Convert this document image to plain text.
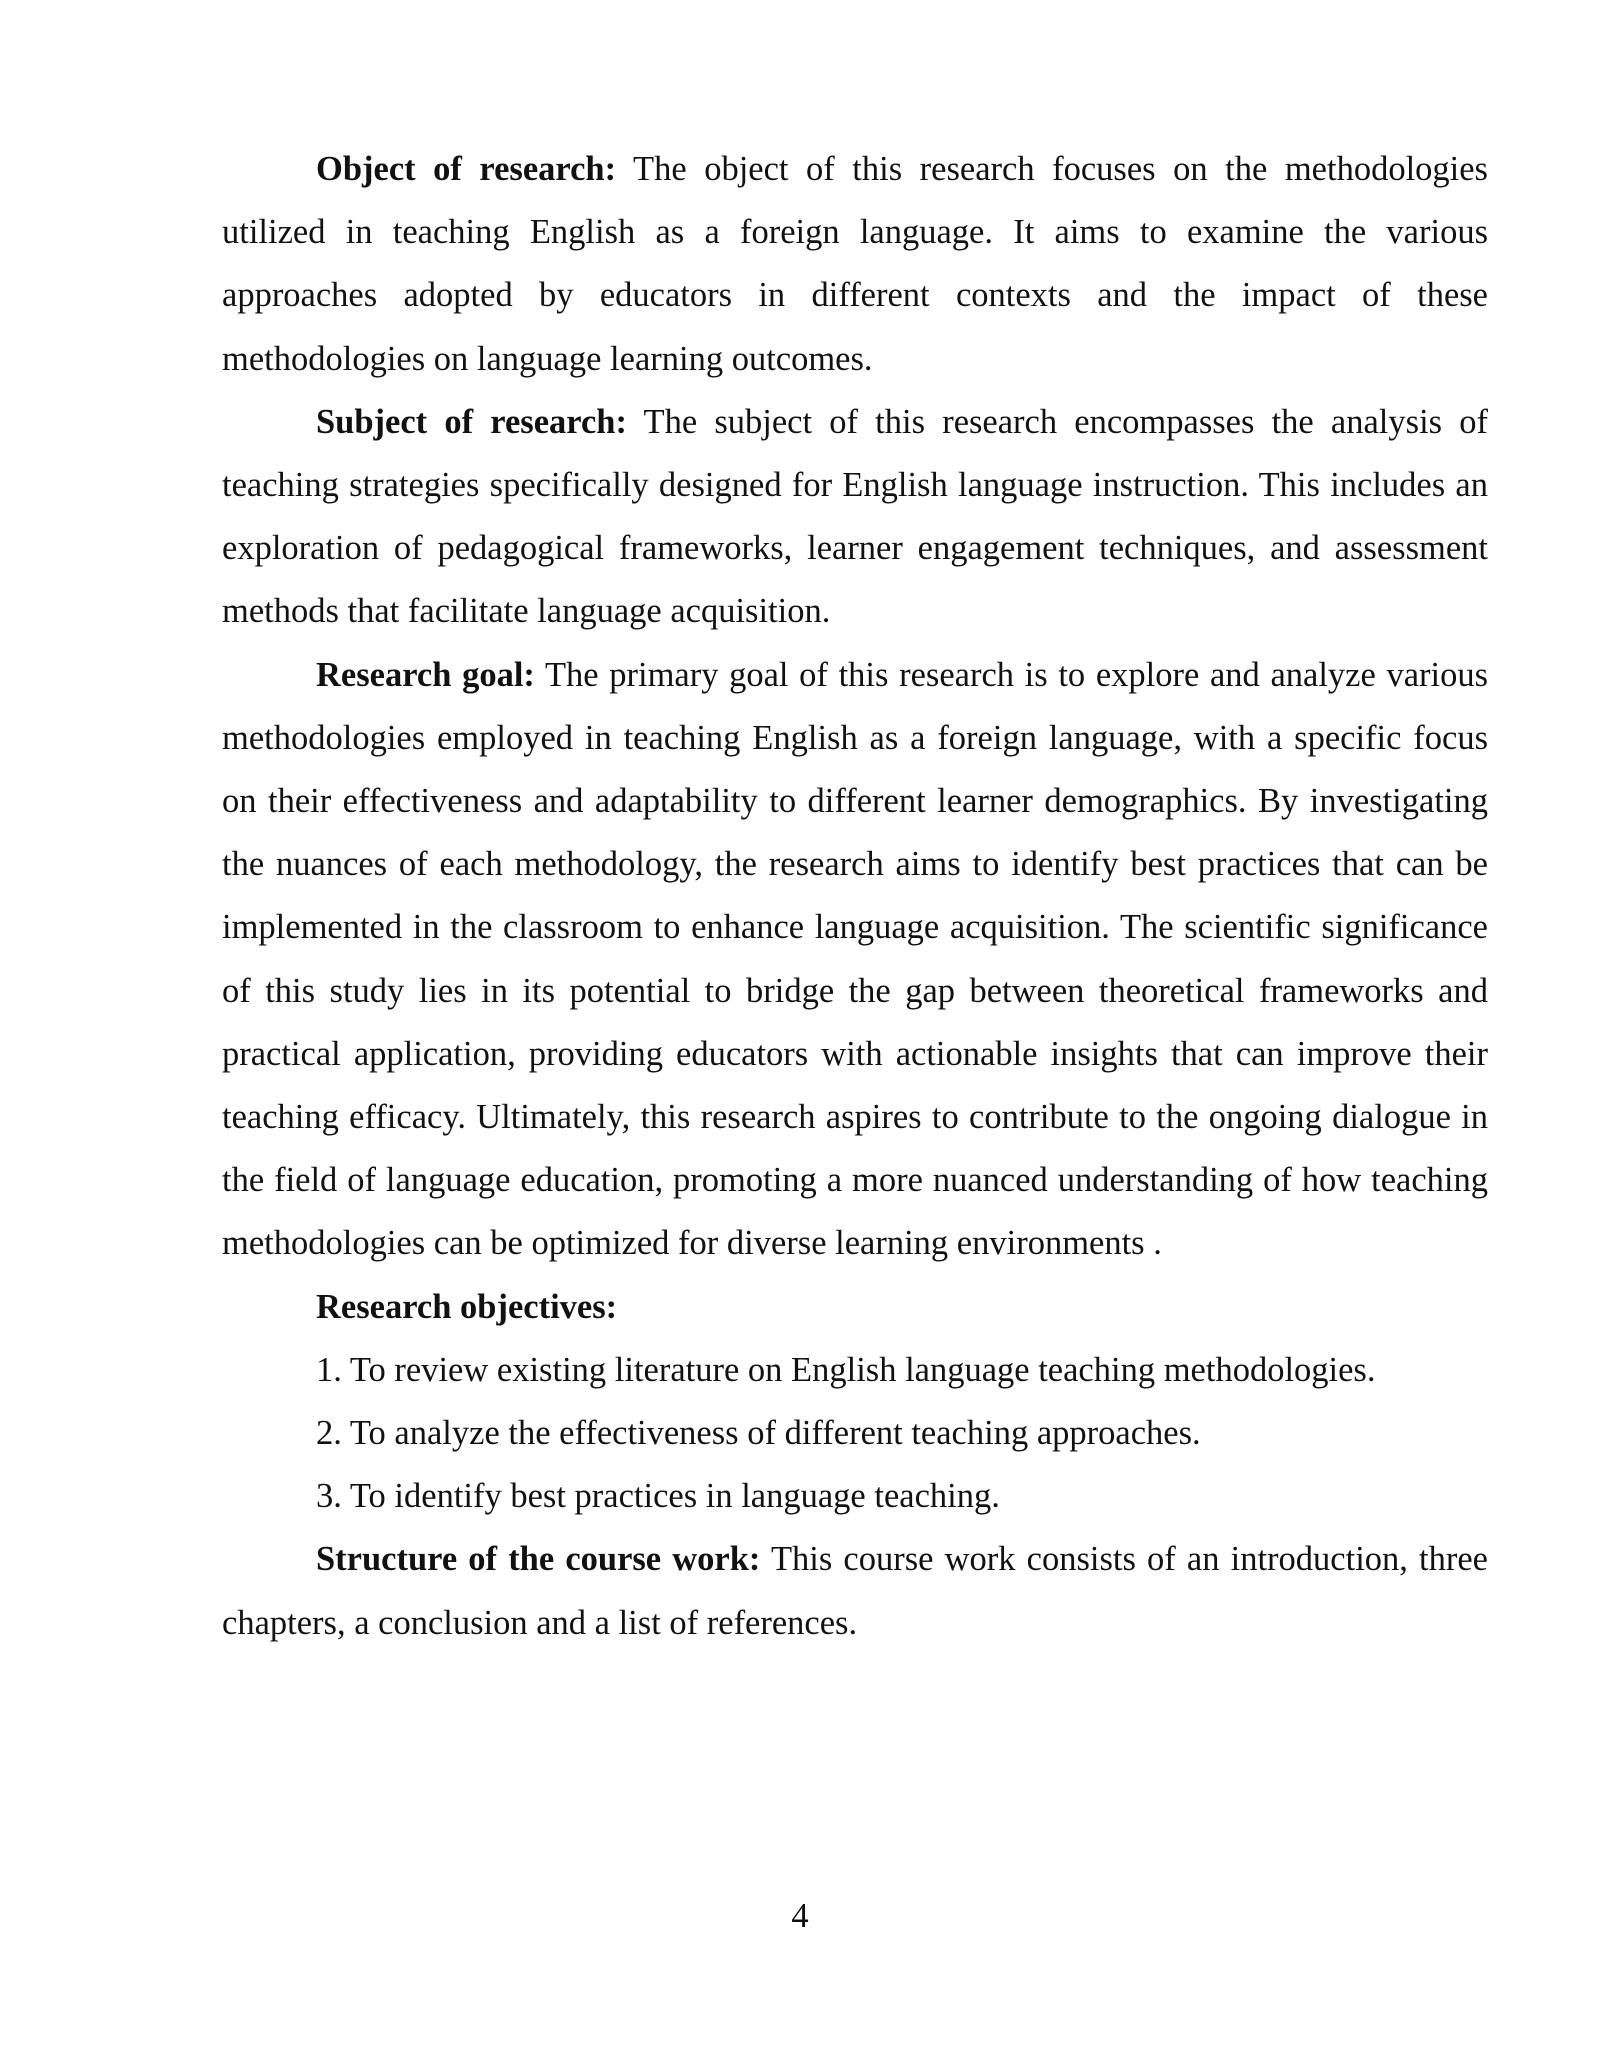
Object of research: The object of this research focuses on the methodologies utilized in teaching English as a foreign language. It aims to examine the various approaches adopted by educators in different contexts and the impact of these methodologies on language learning outcomes.

Subject of research: The subject of this research encompasses the analysis of teaching strategies specifically designed for English language instruction. This includes an exploration of pedagogical frameworks, learner engagement techniques, and assessment methods that facilitate language acquisition.

Research goal: The primary goal of this research is to explore and analyze various methodologies employed in teaching English as a foreign language, with a specific focus on their effectiveness and adaptability to different learner demographics. By investigating the nuances of each methodology, the research aims to identify best practices that can be implemented in the classroom to enhance language acquisition. The scientific significance of this study lies in its potential to bridge the gap between theoretical frameworks and practical application, providing educators with actionable insights that can improve their teaching efficacy. Ultimately, this research aspires to contribute to the ongoing dialogue in the field of language education, promoting a more nuanced understanding of how teaching methodologies can be optimized for diverse learning environments .

Research objectives:

1. To review existing literature on English language teaching methodologies.

2. To analyze the effectiveness of different teaching approaches.

3. To identify best practices in language teaching.

Structure of the course work: This course work consists of an introduction, three chapters, a conclusion and a list of references.

4
